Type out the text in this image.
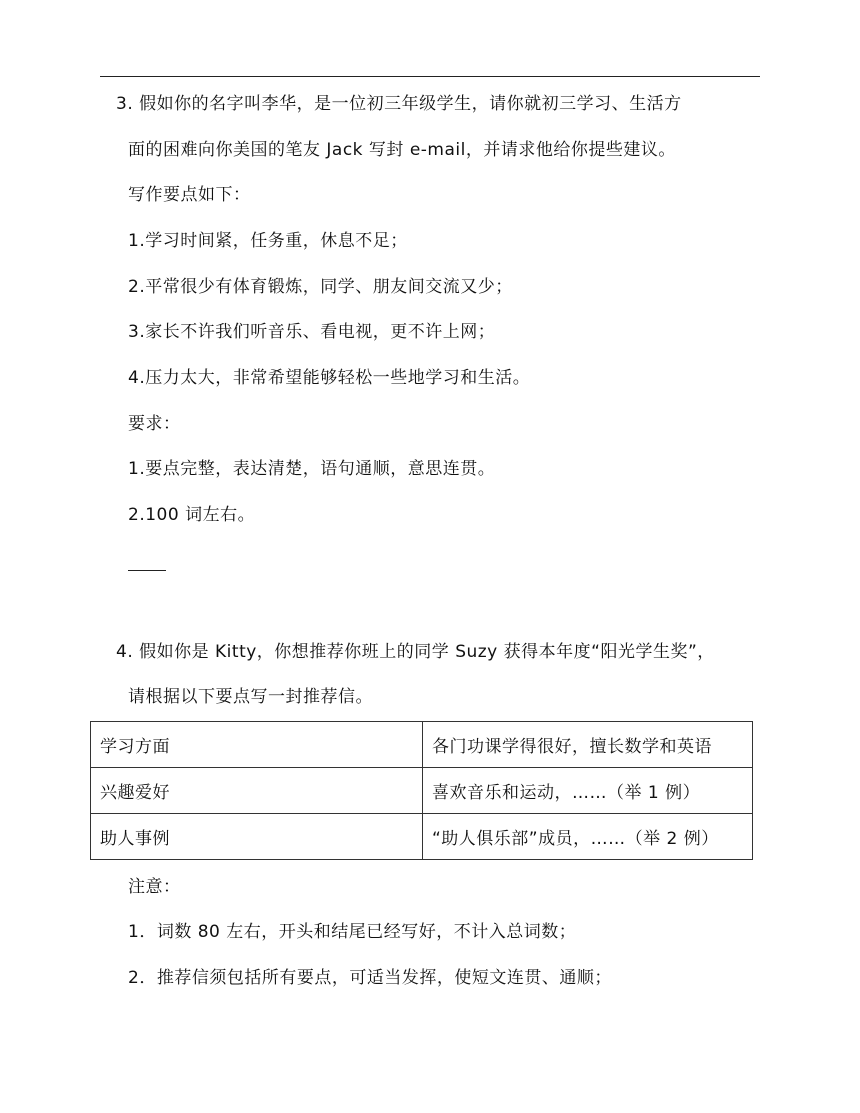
3. 假如你的名字叫李华，是一位初三年级学生，请你就初三学习、生活方
面的困难向你美国的笔友 Jack 写封 e-mail，并请求他给你提些建议。
写作要点如下：
1.学习时间紧，任务重，休息不足；
2.平常很少有体育锻炼，同学、朋友间交流又少；
3.家长不许我们听音乐、看电视，更不许上网；
4.压力太大，非常希望能够轻松一些地学习和生活。
要求：
1.要点完整，表达清楚，语句通顺，意思连贯。
2.100 词左右。
4. 假如你是 Kitty，你想推荐你班上的同学 Suzy 获得本年度“阳光学生奖”，
请根据以下要点写一封推荐信。
学习方面	各门功课学得很好，擅长数学和英语
兴趣爱好	喜欢音乐和运动，……（举 1 例）
助人事例	“助人俱乐部”成员，……（举 2 例）
注意：
1．词数 80 左右，开头和结尾已经写好，不计入总词数；
2．推荐信须包括所有要点，可适当发挥，使短文连贯、通顺；
